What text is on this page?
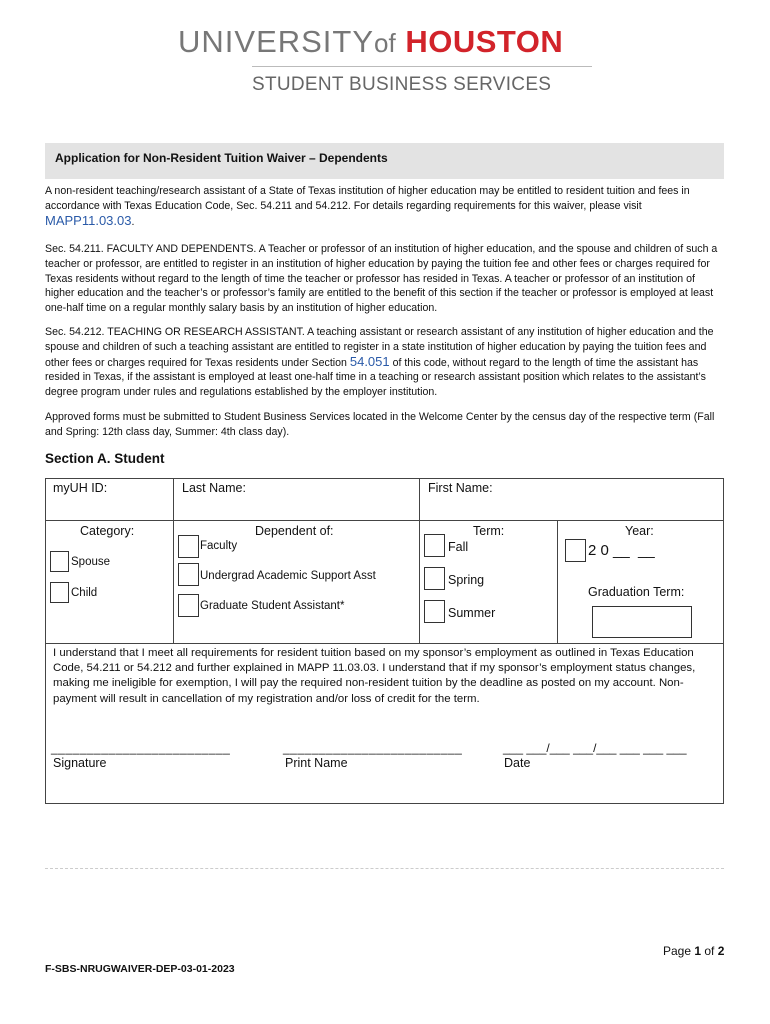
UNIVERSITYof HOUSTON
STUDENT BUSINESS SERVICES
Application for Non-Resident Tuition Waiver – Dependents
A non-resident teaching/research assistant of a State of Texas institution of higher education may be entitled to resident tuition and fees in accordance with Texas Education Code, Sec. 54.211 and 54.212. For details regarding requirements for this waiver, please visit
MAPP11.03.03.
Sec. 54.211. FACULTY AND DEPENDENTS. A Teacher or professor of an institution of higher education, and the spouse and children of such a teacher or professor, are entitled to register in an institution of higher education by paying the tuition fee and other fees or charges required for Texas residents without regard to the length of time the teacher or professor has resided in Texas. A teacher or professor of an institution of higher education and the teacher’s or professor’s family are entitled to the benefit of this section if the teacher or professor is employed at least one-half time on a regular monthly salary basis by an institution of higher education.
Sec. 54.212. TEACHING OR RESEARCH ASSISTANT. A teaching assistant or research assistant of any institution of higher education and the spouse and children of such a teaching assistant are entitled to register in a state institution of higher education by paying the tuition fees and other fees or charges required for Texas residents under Section 54.051 of this code, without regard to the length of time the assistant has resided in Texas, if the assistant is employed at least one-half time in a teaching or research assistant position which relates to the assistant’s degree program under rules and regulations established by the employer institution.
Approved forms must be submitted to Student Business Services located in the Welcome Center by the census day of the respective term (Fall and Spring: 12th class day, Summer: 4th class day).
Section A. Student
myUH ID:	Last Name:	First Name:
Category:
Spouse
Child
Dependent of:
Faculty
Undergrad Academic Support Asst
Graduate Student Assistant*
Term:
Fall
Spring
Summer
Year:
2 0 __  __
Graduation Term:
I understand that I meet all requirements for resident tuition based on my sponsor’s employment as outlined in Texas Education Code, 54.211 or 54.212 and further explained in MAPP 11.03.03. I understand that if my sponsor’s employment status changes, making me ineligible for exemption, I will pay the required non-resident tuition by the deadline as posted on my account. Non-payment will result in cancellation of my registration and/or loss of credit for the term.
_________________________	_________________________	___ ___/___ ___/___ ___ ___ ___
Signature	Print Name	Date
Page 1 of 2
F-SBS-NRUGWAIVER-DEP-03-01-2023
